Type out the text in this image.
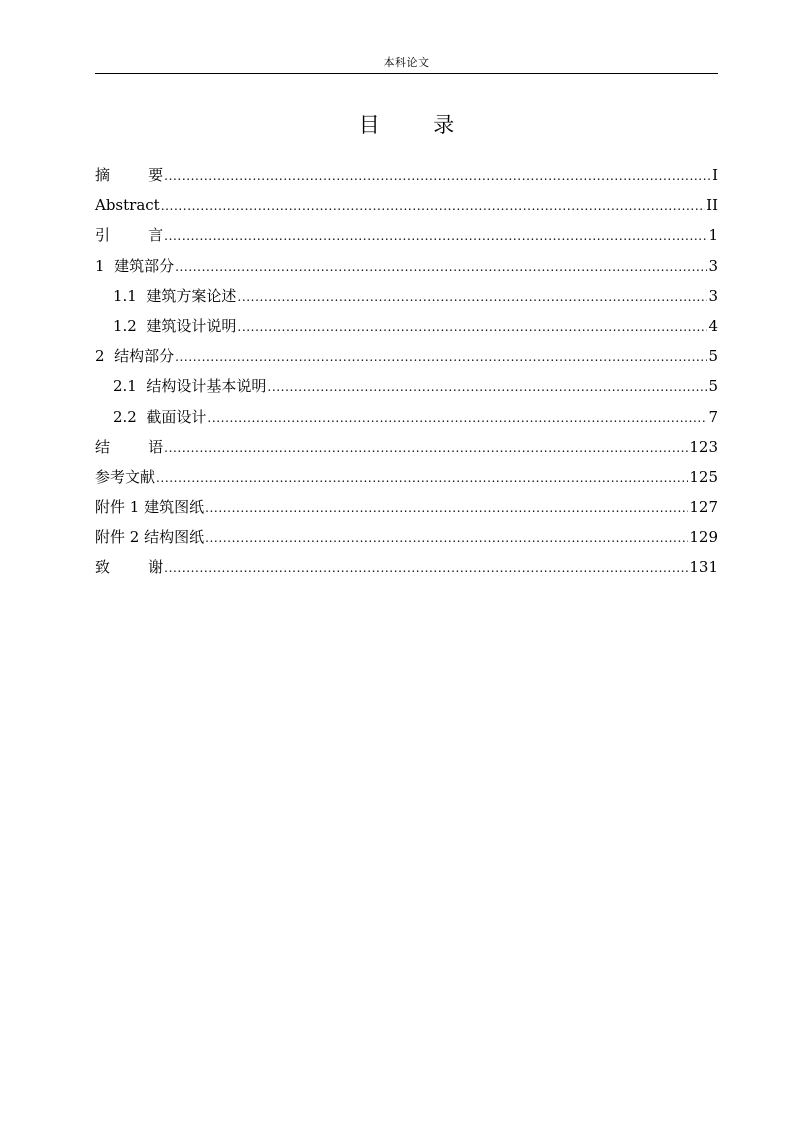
本科论文
目        录
摘        要 .....	I
Abstract .....	II
引        言 .....	1
1  建筑部分 .....	3
1.1  建筑方案论述 .....	3
1.2  建筑设计说明 .....	4
2  结构部分 .....	5
2.1  结构设计基本说明 .....	5
2.2  截面设计 .....	7
结        语 .....	123
参考文献 .....	125
附件 1 建筑图纸 .....	127
附件 2 结构图纸 .....	129
致        谢 .....	131
